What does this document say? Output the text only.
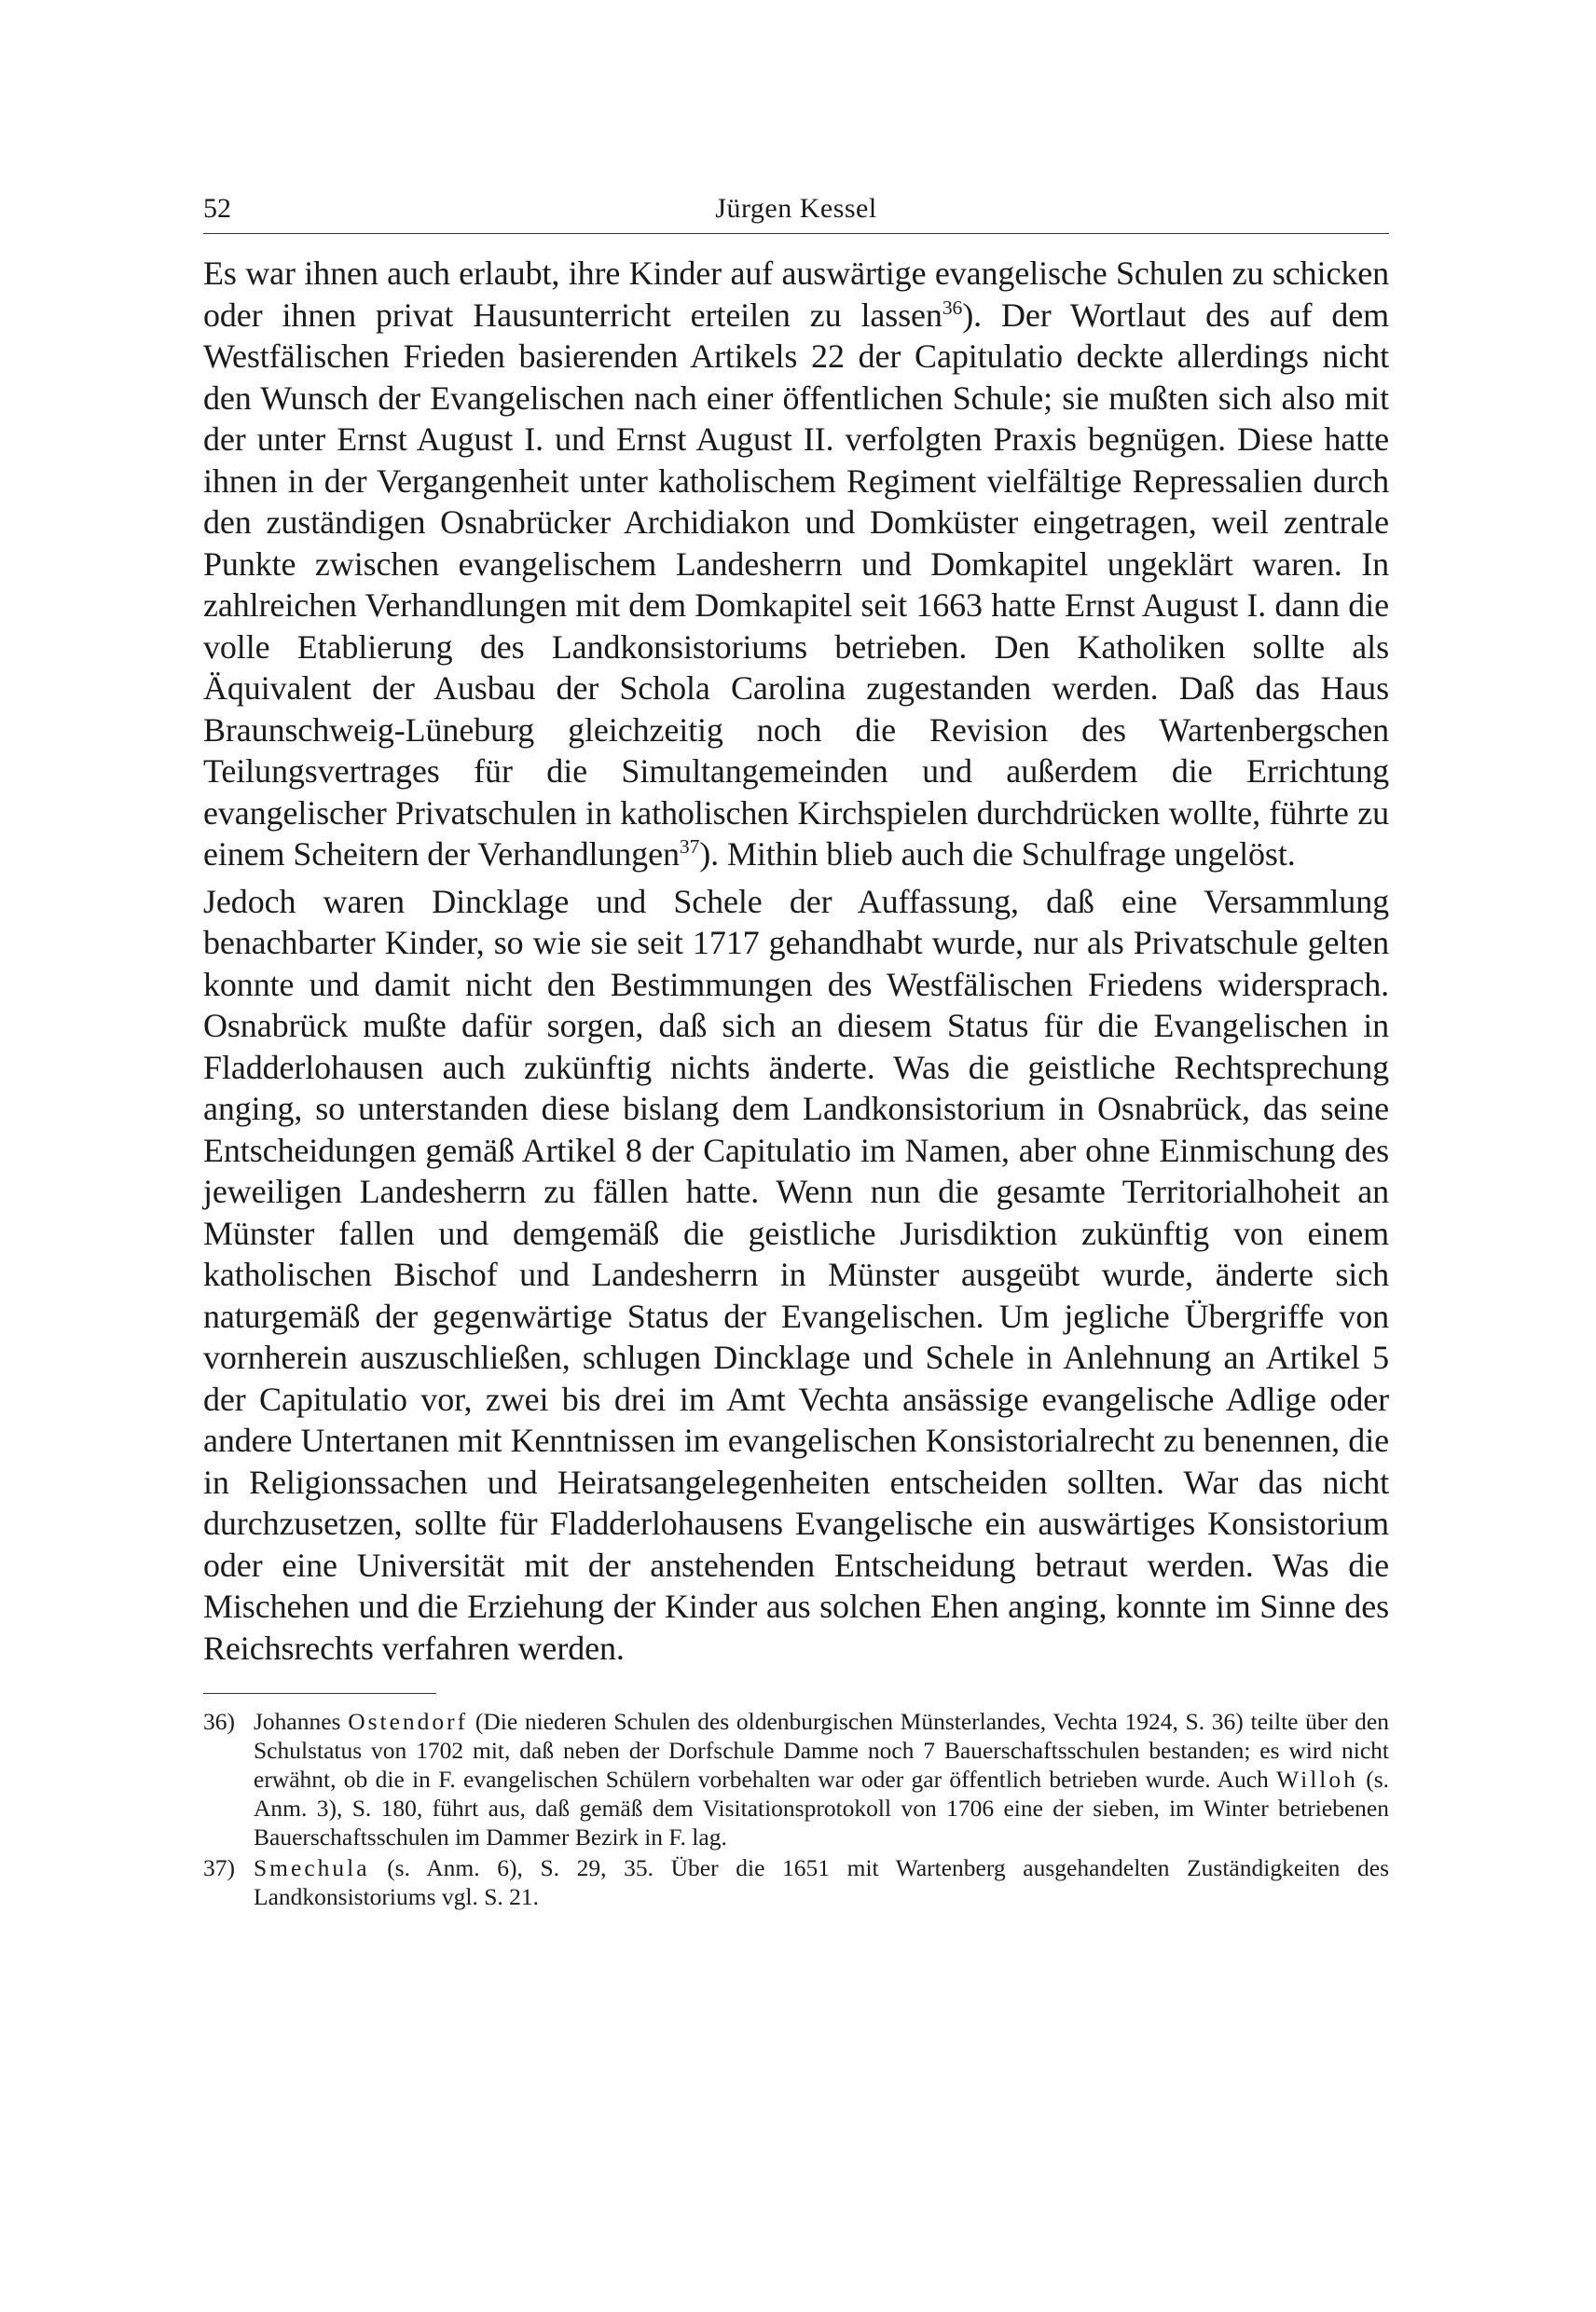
52	Jürgen Kessel

Es war ihnen auch erlaubt, ihre Kinder auf auswärtige evangelische Schulen zu schicken oder ihnen privat Hausunterricht erteilen zu lassen$^{36}$). Der Wortlaut des auf dem Westfälischen Frieden basierenden Artikels 22 der Capitulatio deckte allerdings nicht den Wunsch der Evangelischen nach einer öffentlichen Schule; sie mußten sich also mit der unter Ernst August I. und Ernst August II. verfolgten Praxis begnügen. Diese hatte ihnen in der Vergangenheit unter katholischem Regiment vielfältige Repressalien durch den zuständigen Osnabrücker Archidiakon und Domküster eingetragen, weil zentrale Punkte zwischen evangelischem Landesherrn und Domkapitel ungeklärt waren. In zahlreichen Verhandlungen mit dem Domkapitel seit 1663 hatte Ernst August I. dann die volle Etablierung des Landkonsistoriums betrieben. Den Katholiken sollte als Äquivalent der Ausbau der Schola Carolina zugestanden werden. Daß das Haus Braunschweig-Lüneburg gleichzeitig noch die Revision des Wartenbergschen Teilungsvertrages für die Simultangemeinden und außerdem die Errichtung evangelischer Privatschulen in katholischen Kirchspielen durchdrücken wollte, führte zu einem Scheitern der Verhandlungen$^{37}$). Mithin blieb auch die Schulfrage ungelöst.

Jedoch waren Dincklage und Schele der Auffassung, daß eine Versammlung benachbarter Kinder, so wie sie seit 1717 gehandhabt wurde, nur als Privatschule gelten konnte und damit nicht den Bestimmungen des Westfälischen Friedens widersprach. Osnabrück mußte dafür sorgen, daß sich an diesem Status für die Evangelischen in Fladderlohausen auch zukünftig nichts änderte. Was die geistliche Rechtsprechung anging, so unterstanden diese bislang dem Landkonsistorium in Osnabrück, das seine Entscheidungen gemäß Artikel 8 der Capitulatio im Namen, aber ohne Einmischung des jeweiligen Landesherrn zu fällen hatte. Wenn nun die gesamte Territorialhoheit an Münster fallen und demgemäß die geistliche Jurisdiktion zukünftig von einem katholischen Bischof und Landesherrn in Münster ausgeübt wurde, änderte sich naturgemäß der gegenwärtige Status der Evangelischen. Um jegliche Übergriffe von vornherein auszuschließen, schlugen Dincklage und Schele in Anlehnung an Artikel 5 der Capitulatio vor, zwei bis drei im Amt Vechta ansässige evangelische Adlige oder andere Untertanen mit Kenntnissen im evangelischen Konsistorialrecht zu benennen, die in Religionssachen und Heiratsangelegenheiten entscheiden sollten. War das nicht durchzusetzen, sollte für Fladderlohausens Evangelische ein auswärtiges Konsistorium oder eine Universität mit der anstehenden Entscheidung betraut werden. Was die Mischehen und die Erziehung der Kinder aus solchen Ehen anging, konnte im Sinne des Reichsrechts verfahren werden.

36) Johannes Ostendorf (Die niederen Schulen des oldenburgischen Münsterlandes, Vechta 1924, S. 36) teilte über den Schulstatus von 1702 mit, daß neben der Dorfschule Damme noch 7 Bauerschaftsschulen bestanden; es wird nicht erwähnt, ob die in F. evangelischen Schülern vorbehalten war oder gar öffentlich betrieben wurde. Auch Willoh (s. Anm. 3), S. 180, führt aus, daß gemäß dem Visitationsprotokoll von 1706 eine der sieben, im Winter betriebenen Bauerschaftsschulen im Dammer Bezirk in F. lag.
37) Smechula (s. Anm. 6), S. 29, 35. Über die 1651 mit Wartenberg ausgehandelten Zuständigkeiten des Landkonsistoriums vgl. S. 21.
